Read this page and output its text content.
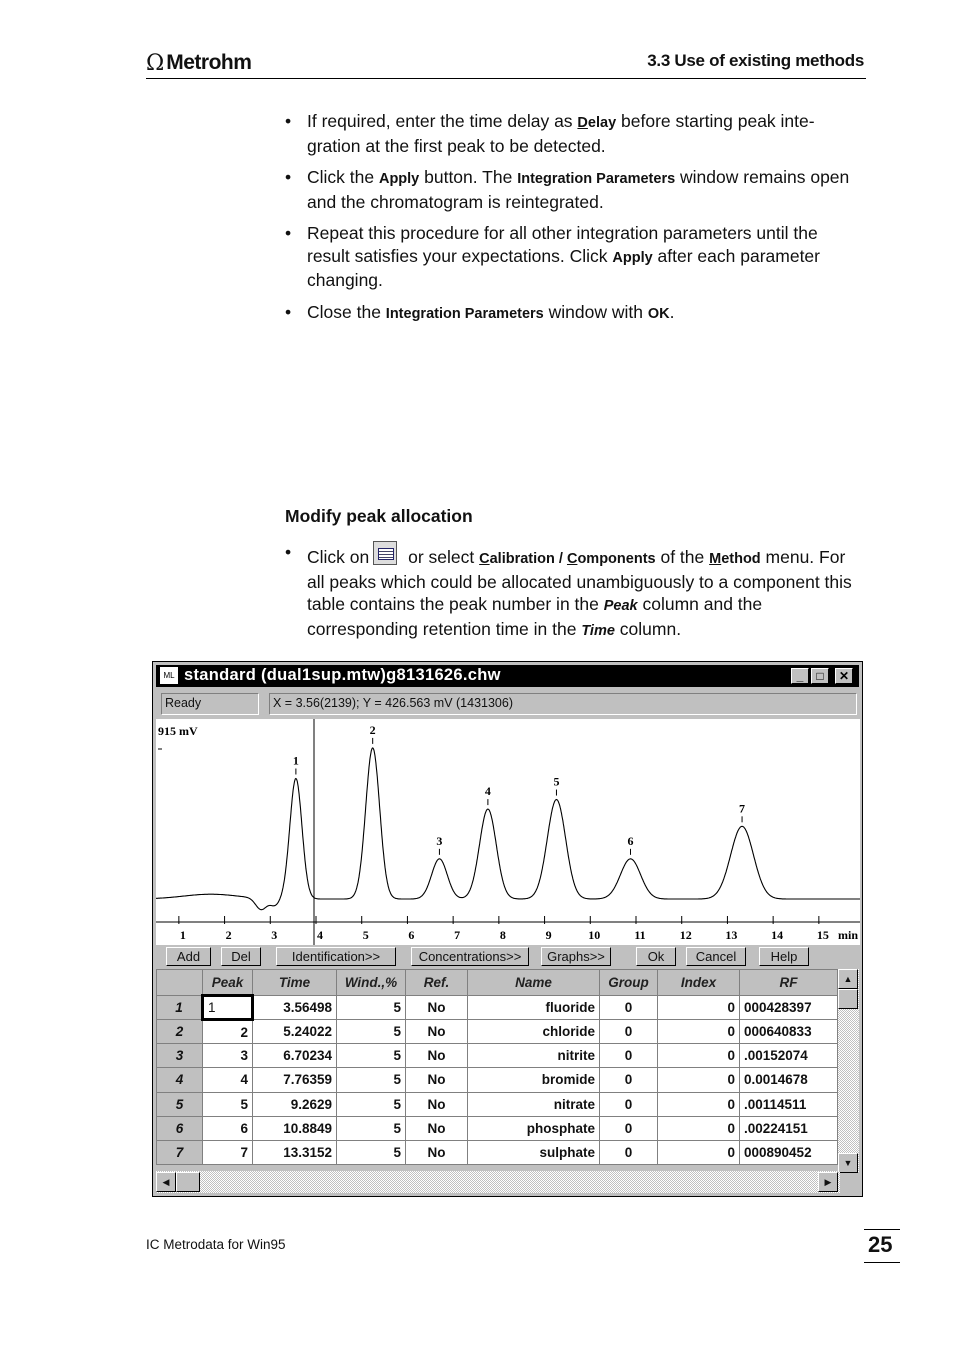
Ω Metrohm	3.3 Use of existing methods
• If required, enter the time delay as Delay before starting peak inte-gration at the first peak to be detected.
• Click the Apply button. The Integration Parameters window remains open and the chromatogram is reintegrated.
• Repeat this procedure for all other integration parameters until the result satisfies your expectations. Click Apply after each parameter changing.
• Close the Integration Parameters window with OK.
Modify peak allocation
• Click on or select Calibration / Components of the Method menu. For all peaks which could be allocated unambiguously to a component this table contains the peak number in the Peak column and the corresponding retention time in the Time column.
ML standard (dual1sup.mtw)g8131626.chw	_	□	✕
Ready	X = 3.56(2139); Y = 426.563 mV (1431306)
915 mV
1	2	3	4	5	6	7	8	9	10	11	12	13	14	15 min
1
2
3
4
5
6
7
Add	Del	Identification>>	Concentrations>>	Graphs>>	Ok	Cancel	Help
	Peak	Time	Wind.,%	Ref.	Name	Group	Index	RF
1	1	3.56498	5	No	fluoride	0	0	000428397
2	2	5.24022	5	No	chloride	0	0	000640833
3	3	6.70234	5	No	nitrite	0	0	.00152074
4	4	7.76359	5	No	bromide	0	0	0.0014678
5	5	9.2629	5	No	nitrate	0	0	.00114511
6	6	10.8849	5	No	phosphate	0	0	.00224151
7	7	13.3152	5	No	sulphate	0	0	000890452
▲
▼
◀	▶
IC Metrodata for Win95	25
